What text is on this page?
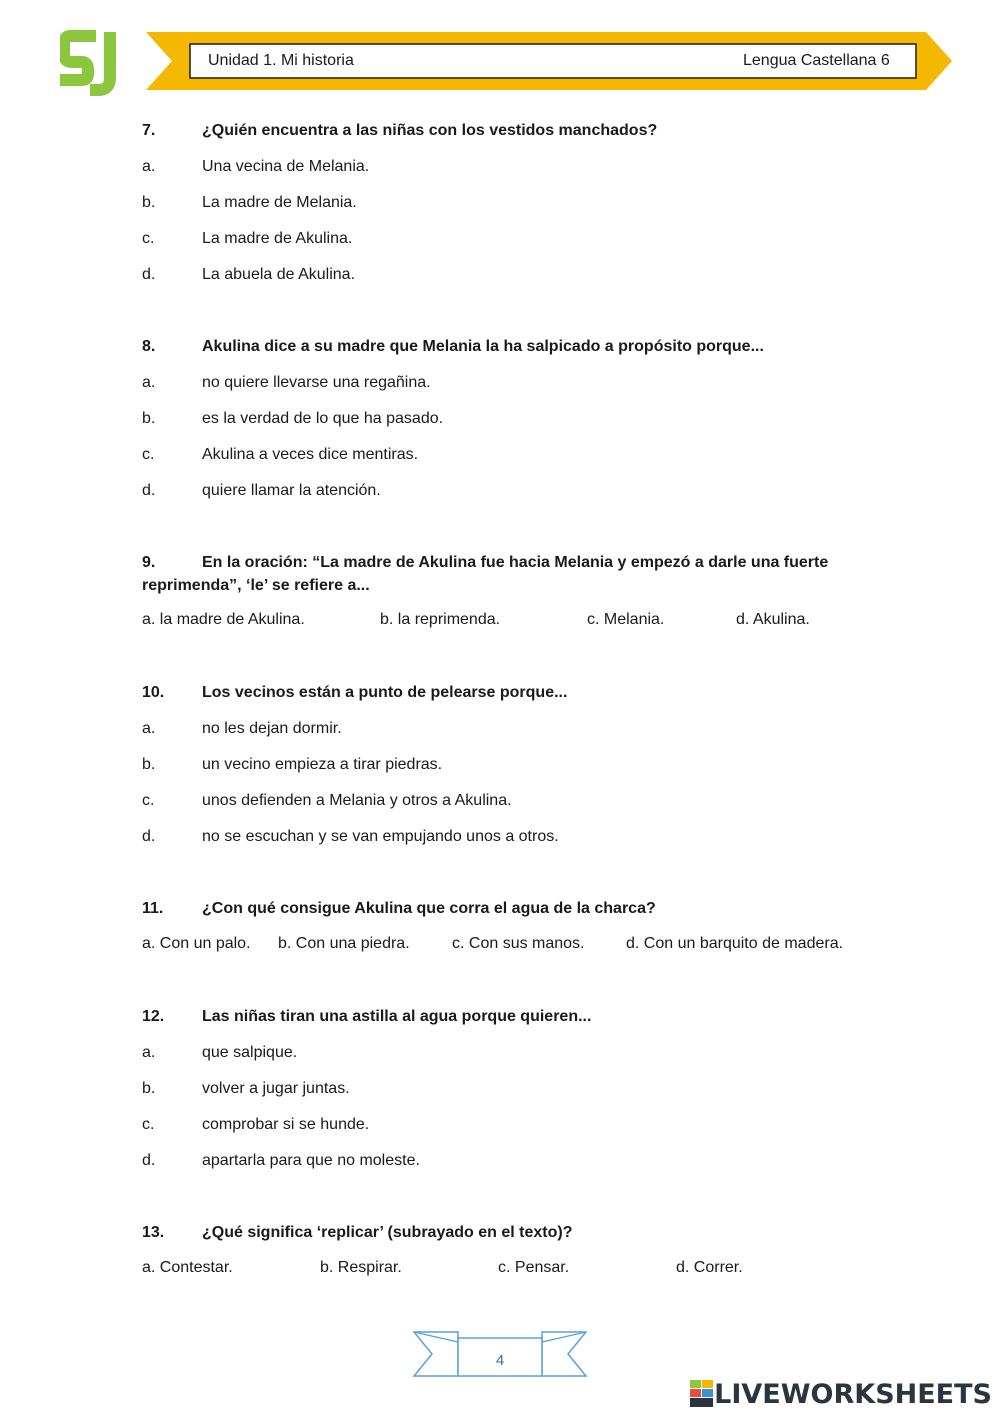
Unidad 1. Mi historia	Lengua Castellana 6
7.	¿Quién encuentra a las niñas con los vestidos manchados?
a.	Una vecina de Melania.
b.	La madre de Melania.
c.	La madre de Akulina.
d.	La abuela de Akulina.
8.	Akulina dice a su madre que Melania la ha salpicado a propósito porque...
a.	no quiere llevarse una regañina.
b.	es la verdad de lo que ha pasado.
c.	Akulina a veces dice mentiras.
d.	quiere llamar la atención.
9.	En la oración: “La madre de Akulina fue hacia Melania y empezó a darle una fuerte reprimenda”, ‘le’ se refiere a...
a. la madre de Akulina.	b. la reprimenda.	c. Melania.	d. Akulina.
10.	Los vecinos están a punto de pelearse porque...
a.	no les dejan dormir.
b.	un vecino empieza a tirar piedras.
c.	unos defienden a Melania y otros a Akulina.
d.	no se escuchan y se van empujando unos a otros.
11.	¿Con qué consigue Akulina que corra el agua de la charca?
a. Con un palo. b. Con una piedra.	c. Con sus manos.	d. Con un barquito de madera.
12.	Las niñas tiran una astilla al agua porque quieren...
a.	que salpique.
b.	volver a jugar juntas.
c.	comprobar si se hunde.
d.	apartarla para que no moleste.
13.	¿Qué significa ‘replicar’ (subrayado en el texto)?
a. Contestar.	b. Respirar.	c. Pensar.	d. Correr.
4
LIVEWORKSHEETS
